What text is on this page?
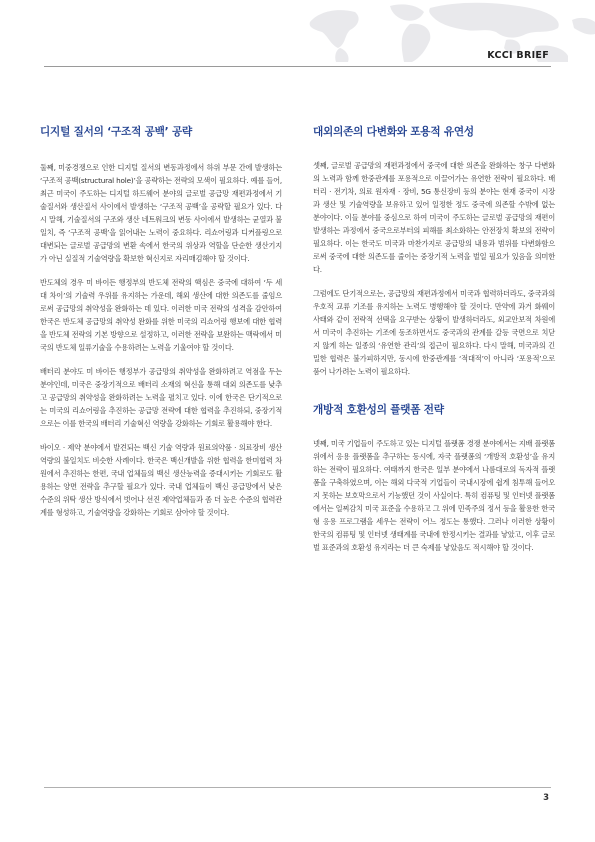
KCCI BRIEF
디지털 질서의 ‘구조적 공백’ 공략

둘째, 미중경쟁으로 인한 디지털 질서의 변동과정에서 하위 부문 간에 발생하는 ‘구조적 공백(structural hole)’을 공략하는 전략의 모색이 필요하다. 예를 들어, 최근 미국이 주도하는 디지털 하드웨어 분야의 글로벌 공급망 재편과정에서 기술질서와 생산질서 사이에서 발생하는 ‘구조적 공백’을 공략할 필요가 있다. 다시 말해, 기술질서의 구조와 생산 네트워크의 변동 사이에서 발생하는 균열과 불일치, 즉 ‘구조적 공백’을 읽어내는 노력이 중요하다. 리쇼어링과 디커플링으로 대변되는 글로벌 공급망의 변환 속에서 한국의 위상과 역할을 단순한 생산기지가 아닌 실질적 기술역량을 확보한 혁신지로 자리매김해야 할 것이다.

반도체의 경우 미 바이든 행정부의 반도체 전략의 핵심은 중국에 대하여 ‘두 세대 차이’의 기술력 우위를 유지하는 가운데, 해외 생산에 대한 의존도를 줄임으로써 공급망의 취약성을 완화하는 데 있다. 이러한 미국 전략의 성격을 감안하여 한국은 반도체 공급망의 취약성 완화를 위한 미국의 리쇼어링 행보에 대한 협력을 반도체 전략의 기본 방향으로 설정하고, 이러한 전략을 보완하는 맥락에서 미국의 반도체 일류기술을 수용하려는 노력을 기울여야 할 것이다.

배터리 분야도 미 바이든 행정부가 공급망의 취약성을 완화하려고 역점을 두는 분야인데, 미국은 중장기적으로 배터리 소재의 혁신을 통해 대외 의존도를 낮추고 공급망의 취약성을 완화하려는 노력을 펼치고 있다. 이에 한국은 단기적으로는 미국의 리쇼어링을 추진하는 공급망 전략에 대한 협력을 추진하되, 중장기적으로는 이를 한국의 배터리 기술혁신 역량을 강화하는 기회로 활용해야 한다.

바이오 · 제약 분야에서 발견되는 백신 기술 역량과 원료의약품 · 의료장비 생산 역량의 불일치도 비슷한 사례이다. 한국은 백신개발을 위한 협력을 한미협력 차원에서 추진하는 한편, 국내 업체들의 백신 생산능력을 증대시키는 기회로도 활용하는 양면 전략을 추구할 필요가 있다. 국내 업체들이 백신 공급망에서 낮은 수준의 위탁 생산 방식에서 벗어나 선진 제약업체들과 좀 더 높은 수준의 협력관계를 형성하고, 기술역량을 강화하는 기회로 삼아야 할 것이다.

대외의존의 다변화와 포용적 유연성

셋째, 글로벌 공급망의 재편과정에서 중국에 대한 의존을 완화하는 창구 다변화의 노력과 함께 한중관계를 포용적으로 이끌어가는 유연한 전략이 필요하다. 배터리 · 전기차, 의료 원자재 · 장비, 5G 통신장비 등의 분야는 현재 중국이 시장과 생산 및 기술역량을 보유하고 있어 일정한 정도 중국에 의존할 수밖에 없는 분야이다. 이들 분야를 중심으로 하여 미국이 주도하는 글로벌 공급망의 재편이 발생하는 과정에서 중국으로부터의 피해를 최소화하는 안전장치 확보의 전략이 필요하다. 이는 한국도 미국과 마찬가지로 공급망의 내용과 범위를 다변화함으로써 중국에 대한 의존도를 줄이는 중장기적 노력을 벌일 필요가 있음을 의미한다.

그럼에도 단기적으로는, 공급망의 재편과정에서 미국과 협력하더라도, 중국과의 우호적 교류 기조를 유지하는 노력도 병행해야 할 것이다. 만약에 과거 화웨이 사태와 같이 전략적 선택을 요구받는 상황이 발생하더라도, 외교안보적 차원에서 미국이 추진하는 기조에 동조하면서도 중국과의 관계를 갈등 국면으로 치닫지 않게 하는 일종의 ‘유연한 관리’의 접근이 필요하다. 다시 말해, 미국과의 긴밀한 협력은 불가피하지만, 동시에 한중관계를 ‘적대적’이 아니라 ‘포용적’으로 품어 나가려는 노력이 필요하다.

개방적 호환성의 플랫폼 전략

넷째, 미국 기업들이 주도하고 있는 디지털 플랫폼 경쟁 분야에서는 지배 플랫폼 위에서 응용 플랫폼을 추구하는 동시에, 자국 플랫폼의 ‘개방적 호환성’을 유지하는 전략이 필요하다. 여태까지 한국은 일부 분야에서 나름대로의 독자적 플랫폼을 구축하였으며, 이는 해외 다국적 기업들이 국내시장에 쉽게 침투해 들어오지 못하는 보호막으로서 기능했던 것이 사실이다. 특히 컴퓨팅 및 인터넷 플랫폼에서는 일찌감치 미국 표준을 수용하고 그 위에 민족주의 정서 등을 활용한 한국형 응용 프로그램을 세우는 전략이 어느 정도는 통했다. 그러나 이러한 상황이 한국의 컴퓨팅 및 인터넷 생태계를 국내에 한정시키는 결과를 낳았고, 이후 글로벌 표준과의 호환성 유지라는 더 큰 숙제를 낳았음도 적시해야 할 것이다.

3
